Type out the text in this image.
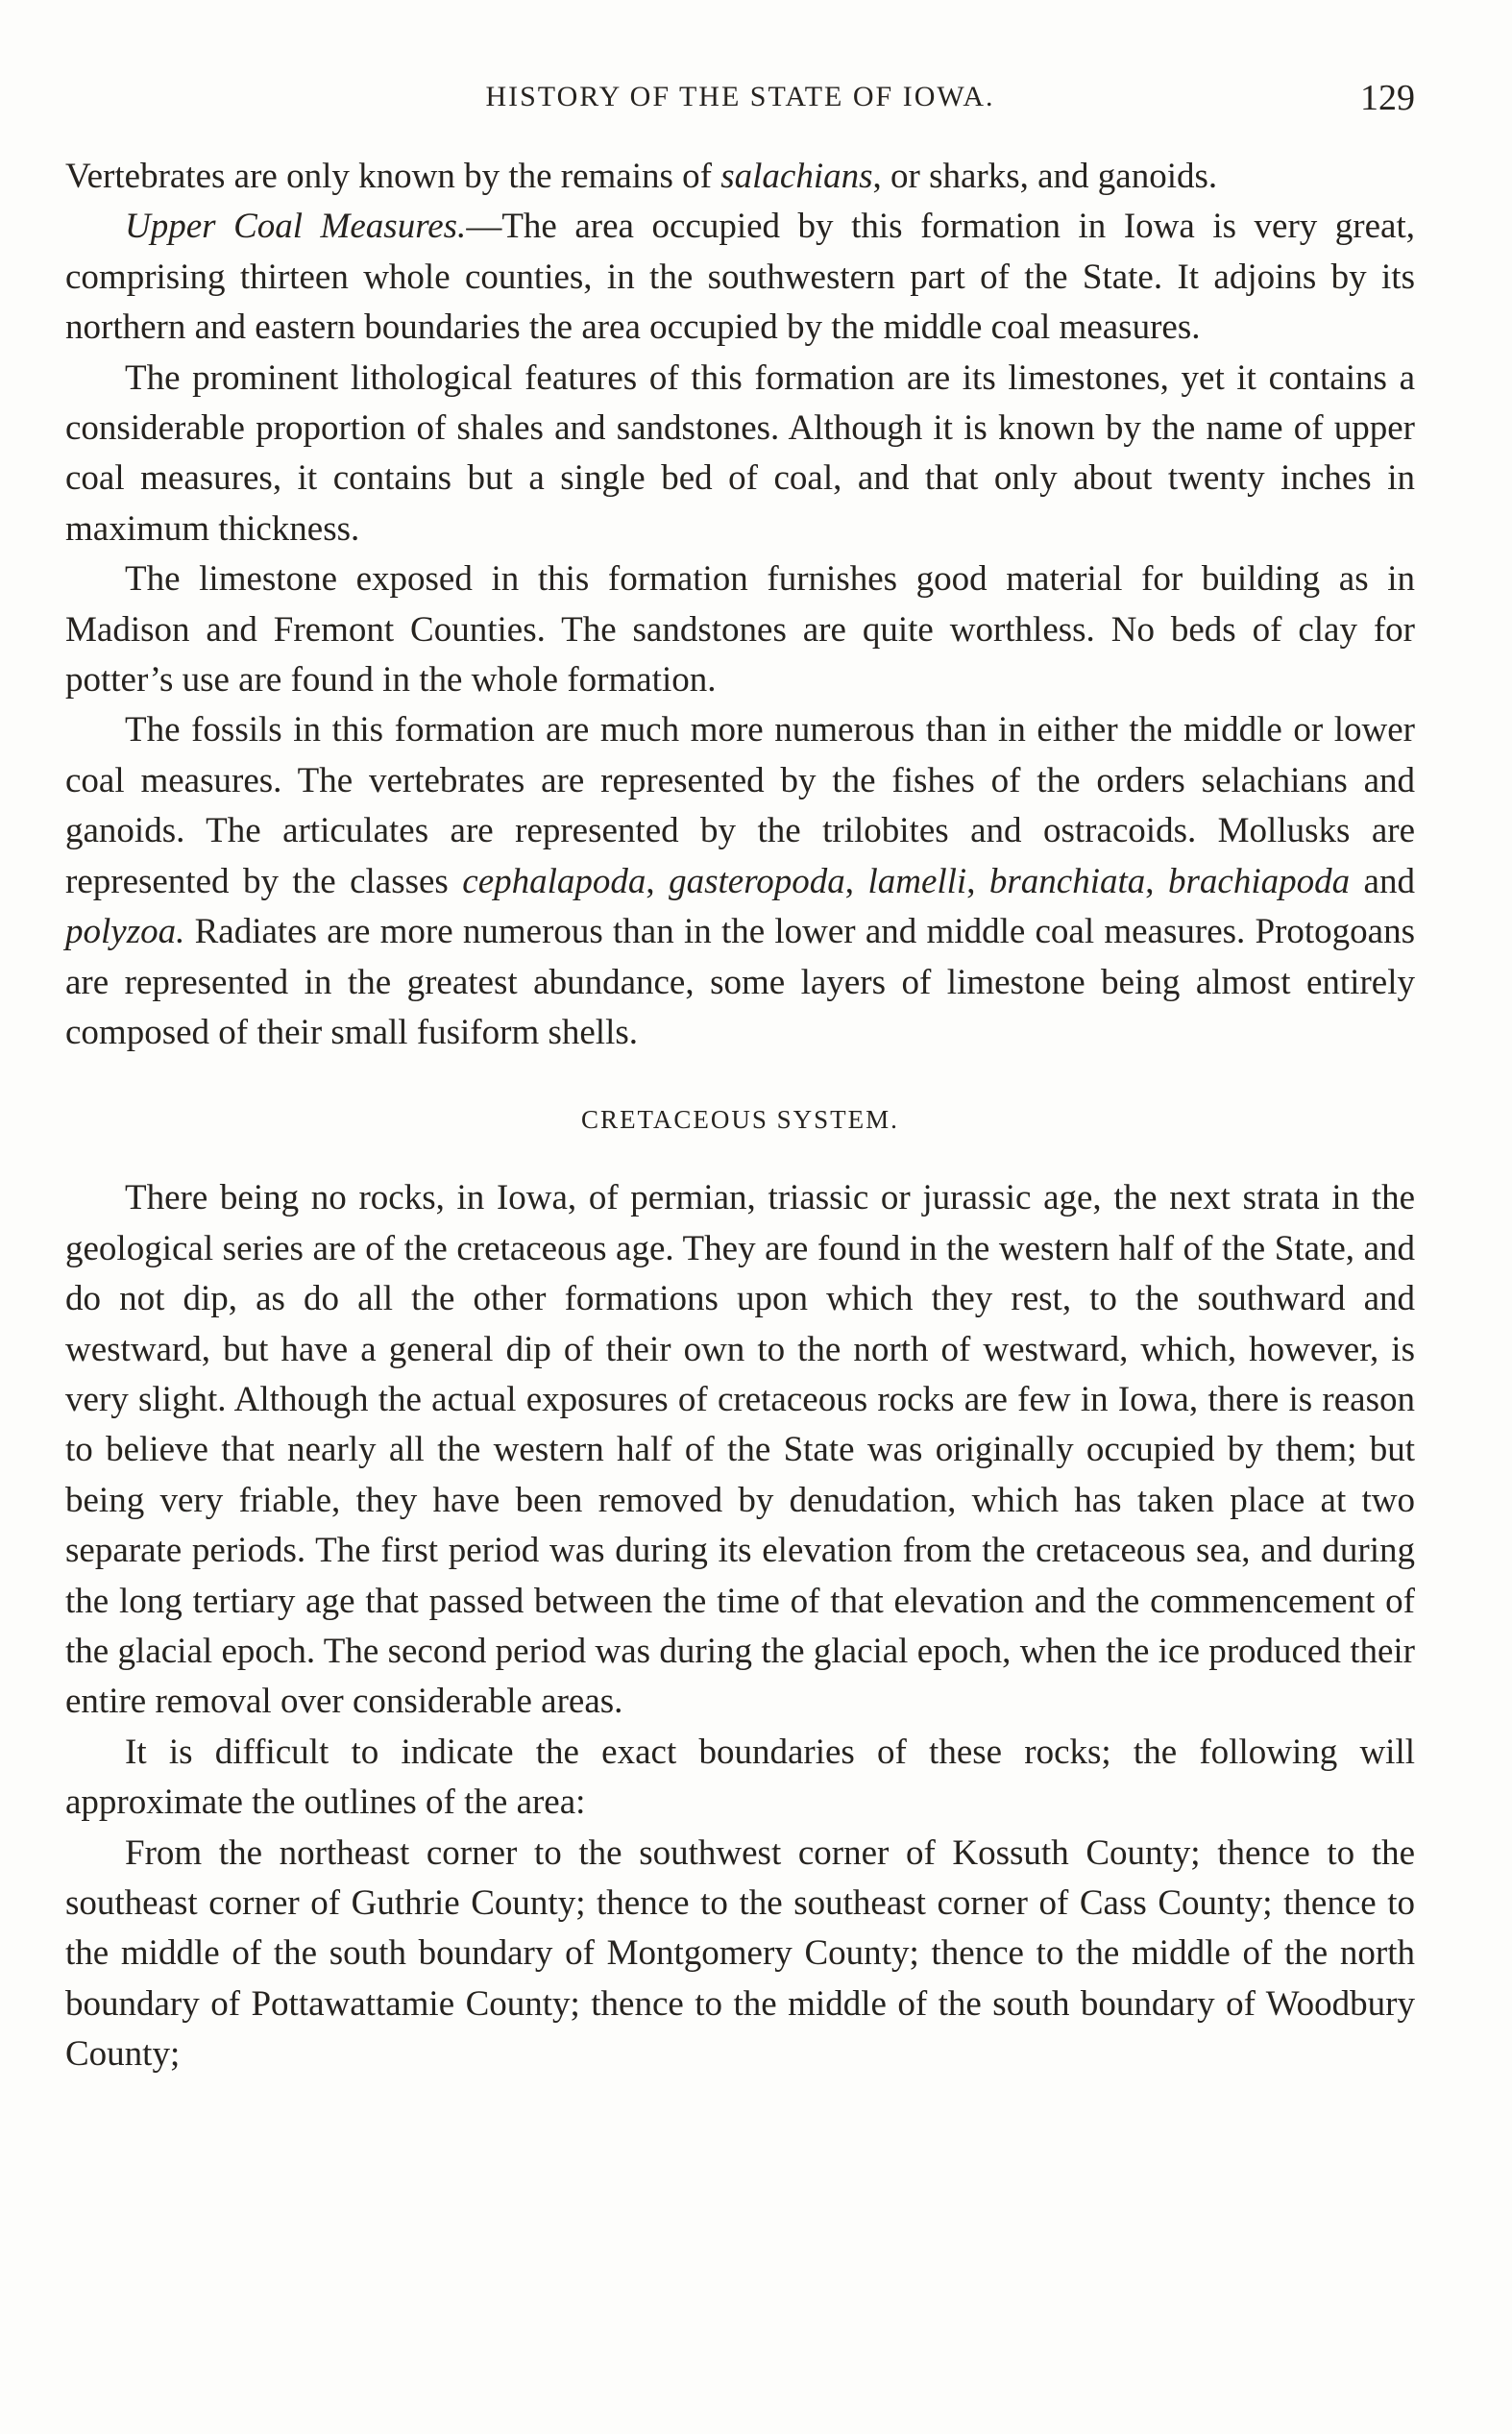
HISTORY OF THE STATE OF IOWA.	129

Vertebrates are only known by the remains of salachians, or sharks, and ganoids.

Upper Coal Measures.—The area occupied by this formation in Iowa is very great, comprising thirteen whole counties, in the southwestern part of the State. It adjoins by its northern and eastern boundaries the area occupied by the middle coal measures.

The prominent lithological features of this formation are its limestones, yet it contains a considerable proportion of shales and sandstones. Although it is known by the name of upper coal measures, it contains but a single bed of coal, and that only about twenty inches in maximum thickness.

The limestone exposed in this formation furnishes good material for building as in Madison and Fremont Counties. The sandstones are quite worthless. No beds of clay for potter’s use are found in the whole formation.

The fossils in this formation are much more numerous than in either the middle or lower coal measures. The vertebrates are represented by the fishes of the orders selachians and ganoids. The articulates are represented by the trilobites and ostracoids. Mollusks are represented by the classes cephalapoda, gasteropoda, lamelli, branchiata, brachiapoda and polyzoa. Radiates are more numerous than in the lower and middle coal measures. Protogoans are represented in the greatest abundance, some layers of limestone being almost entirely composed of their small fusiform shells.

CRETACEOUS SYSTEM.

There being no rocks, in Iowa, of permian, triassic or jurassic age, the next strata in the geological series are of the cretaceous age. They are found in the western half of the State, and do not dip, as do all the other formations upon which they rest, to the southward and westward, but have a general dip of their own to the north of westward, which, however, is very slight. Although the actual exposures of cretaceous rocks are few in Iowa, there is reason to believe that nearly all the western half of the State was originally occupied by them; but being very friable, they have been removed by denudation, which has taken place at two separate periods. The first period was during its elevation from the cretaceous sea, and during the long tertiary age that passed between the time of that elevation and the commencement of the glacial epoch. The second period was during the glacial epoch, when the ice produced their entire removal over considerable areas.

It is difficult to indicate the exact boundaries of these rocks; the following will approximate the outlines of the area:

From the northeast corner to the southwest corner of Kossuth County; thence to the southeast corner of Guthrie County; thence to the southeast corner of Cass County; thence to the middle of the south boundary of Montgomery County; thence to the middle of the north boundary of Pottawattamie County; thence to the middle of the south boundary of Woodbury County;
